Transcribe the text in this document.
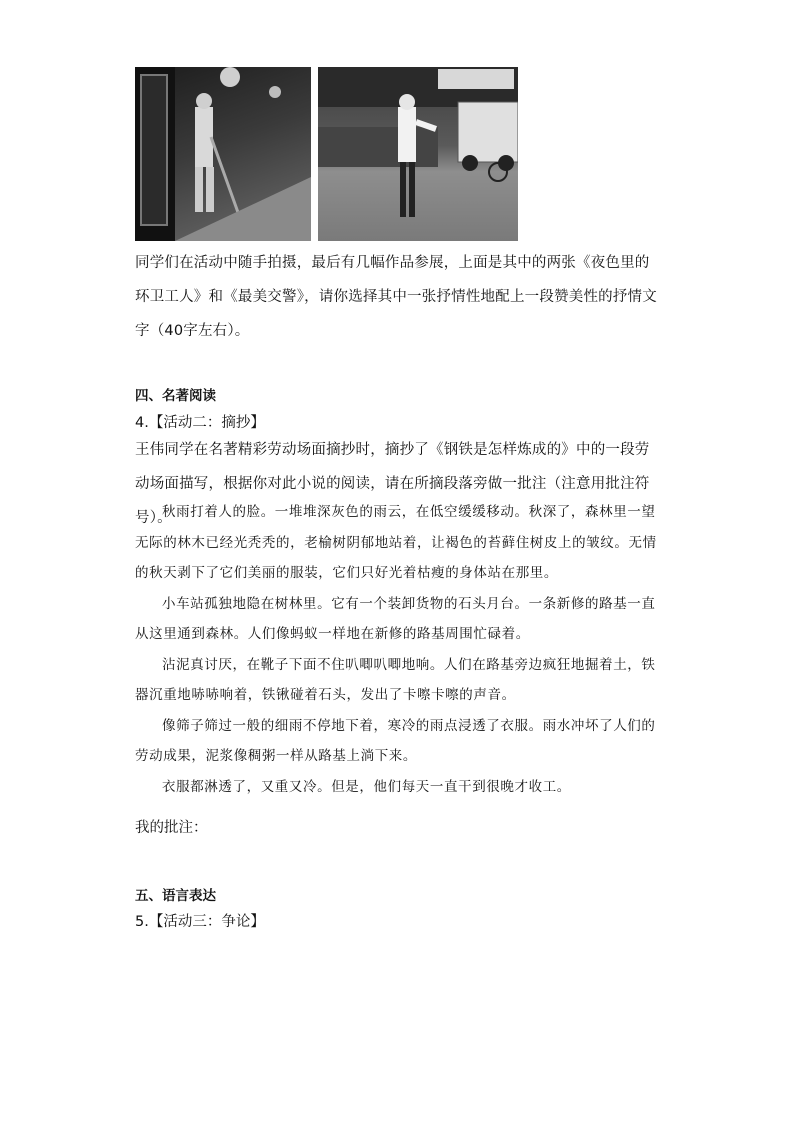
同学们在活动中随手拍摄，最后有几幅作品参展，上面是其中的两张《夜色里的环卫工人》和《最美交警》，请你选择其中一张抒情性地配上一段赞美性的抒情文字（40字左右）。
四、名著阅读
4.【活动二：摘抄】
王伟同学在名著精彩劳动场面摘抄时，摘抄了《钢铁是怎样炼成的》中的一段劳动场面描写，根据你对此小说的阅读，请在所摘段落旁做一批注（注意用批注符号）。

秋雨打着人的脸。一堆堆深灰色的雨云，在低空缓缓移动。秋深了，森林里一望无际的林木已经光秃秃的，老榆树阴郁地站着，让褐色的苔藓住树皮上的皱纹。无情的秋天剥下了它们美丽的服装，它们只好光着枯瘦的身体站在那里。

小车站孤独地隐在树林里。它有一个装卸货物的石头月台。一条新修的路基一直从这里通到森林。人们像蚂蚁一样地在新修的路基周围忙碌着。

沾泥真讨厌，在靴子下面不住叭唧叭唧地响。人们在路基旁边疯狂地掘着土，铁器沉重地哧哧响着，铁锹碰着石头，发出了卡嚓卡嚓的声音。

像筛子筛过一般的细雨不停地下着，寒冷的雨点浸透了衣服。雨水冲坏了人们的劳动成果，泥浆像稠粥一样从路基上淌下来。

衣服都淋透了，又重又冷。但是，他们每天一直干到很晚才收工。

我的批注：
五、语言表达
5.【活动三：争论】
